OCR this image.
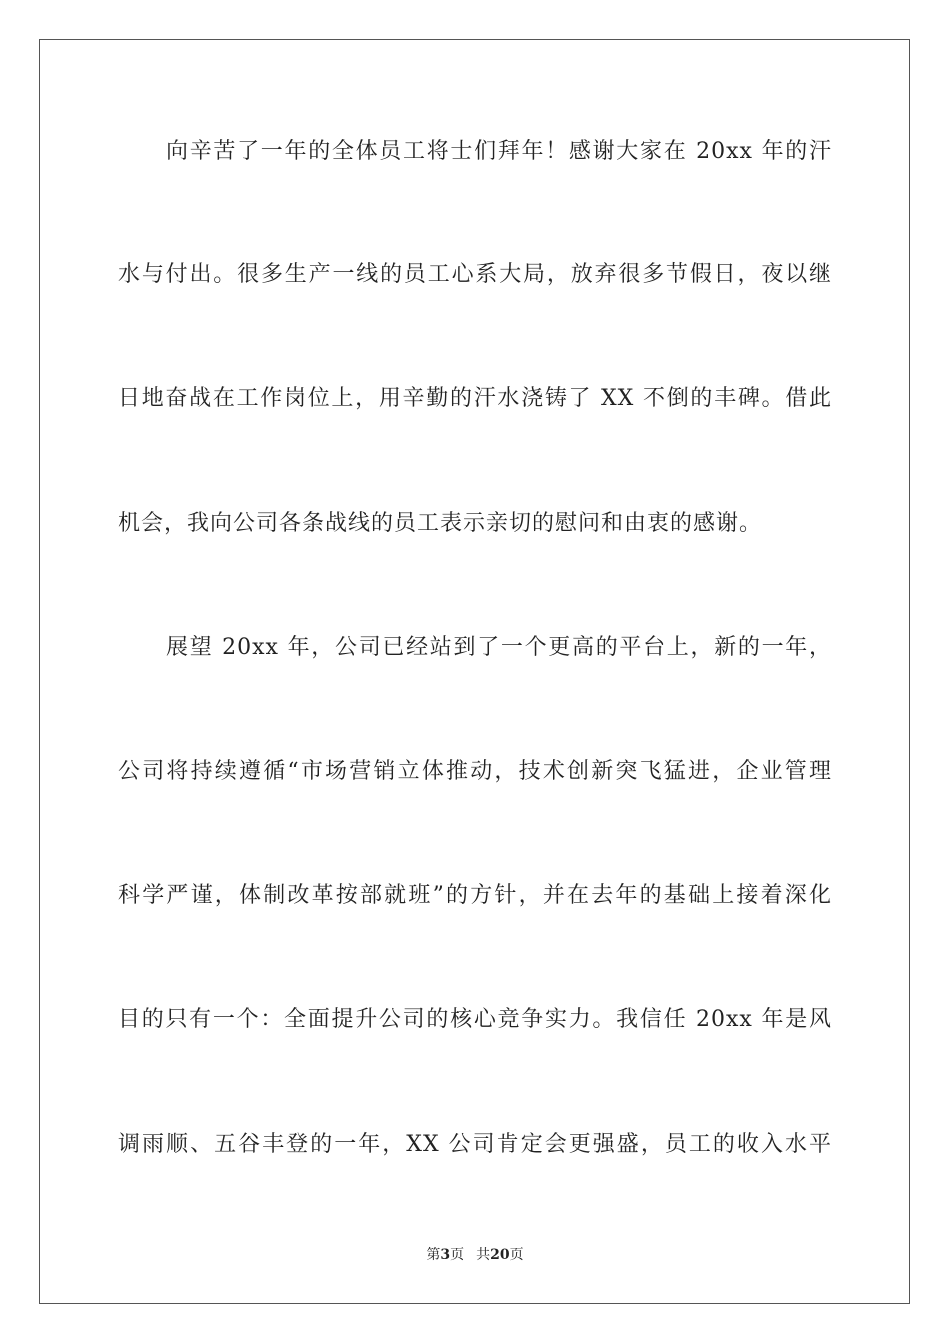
向辛苦了一年的全体员工将士们拜年！感谢大家在 20xx 年的汗
水与付出。很多生产一线的员工心系大局，放弃很多节假日，夜以继
日地奋战在工作岗位上，用辛勤的汗水浇铸了 XX 不倒的丰碑。借此
机会，我向公司各条战线的员工表示亲切的慰问和由衷的感谢。
展望 20xx 年，公司已经站到了一个更高的平台上，新的一年，
公司将持续遵循“市场营销立体推动，技术创新突飞猛进，企业管理
科学严谨，体制改革按部就班”的方针，并在去年的基础上接着深化
目的只有一个：全面提升公司的核心竞争实力。我信任 20xx 年是风
调雨顺、五谷丰登的一年，XX 公司肯定会更强盛，员工的收入水平
第3页 共20页
